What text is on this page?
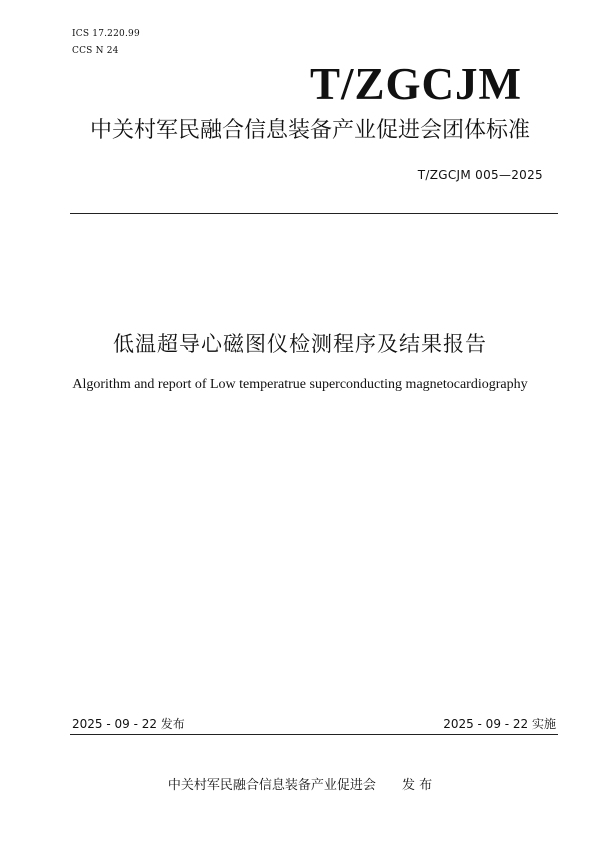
ICS 17.220.99
CCS N 24
T/ZGCJM
中关村军民融合信息装备产业促进会团体标准
T/ZGCJM 005—2025
低温超导心磁图仪检测程序及结果报告
Algorithm and report of Low temperatrue superconducting magnetocardiography
2025 - 09 - 22 发布	2025 - 09 - 22 实施
中关村军民融合信息装备产业促进会 发 布
